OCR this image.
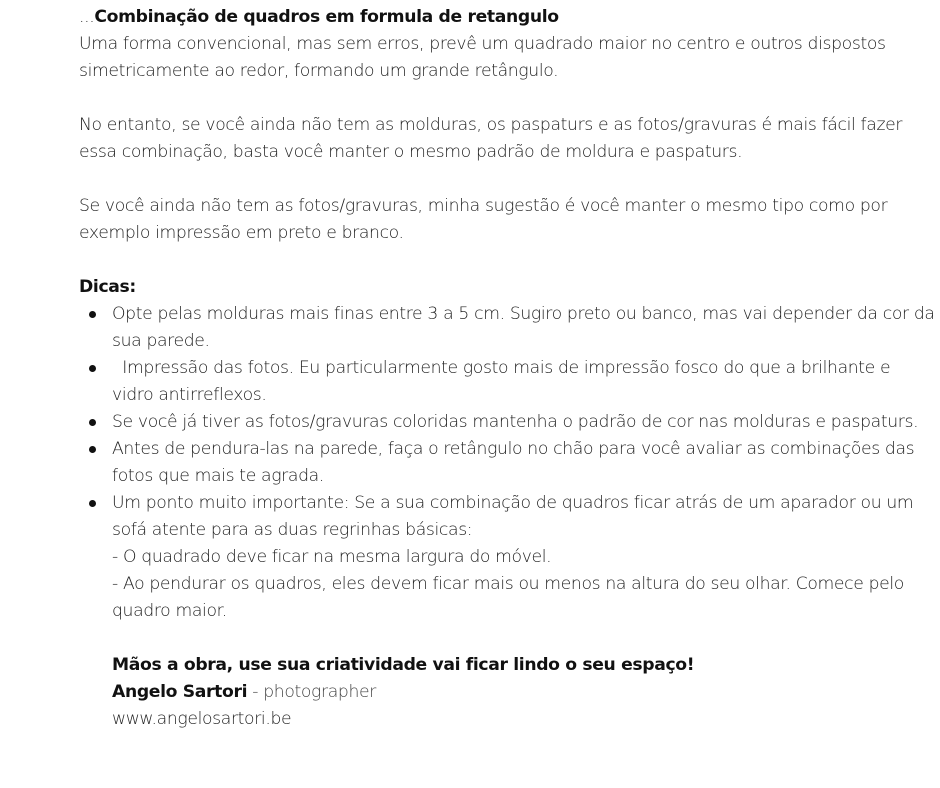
...Combinação de quadros em formula de retangulo

Uma forma convencional, mas sem erros, prevê um quadrado maior no centro e outros dispostos simetricamente ao redor, formando um grande retângulo.

No entanto, se você ainda não tem as molduras, os paspaturs e as fotos/gravuras é mais fácil fazer essa combinação, basta você manter o mesmo padrão de moldura e paspaturs.

Se você ainda não tem as fotos/gravuras, minha sugestão é você manter o mesmo tipo como por exemplo impressão em preto e branco.

Dicas:

Opte pelas molduras mais finas entre 3 a 5 cm. Sugiro preto ou banco, mas vai depender da cor da sua parede.
Impressão das fotos. Eu particularmente gosto mais de impressão fosco do que a brilhante e vidro antirreflexos.
Se você já tiver as fotos/gravuras coloridas mantenha o padrão de cor nas molduras e paspaturs.
Antes de pendura-las na parede, faça o retângulo no chão para você avaliar as combinações das fotos que mais te agrada.
Um ponto muito importante: Se a sua combinação de quadros ficar atrás de um aparador ou um sofá atente para as duas regrinhas básicas:
- O quadrado deve ficar na mesma largura do móvel.
- Ao pendurar os quadros, eles devem ficar mais ou menos na altura do seu olhar. Comece pelo quadro maior.

Mãos a obra, use sua criatividade vai ficar lindo o seu espaço!

Angelo Sartori - photographer

www.angelosartori.be
